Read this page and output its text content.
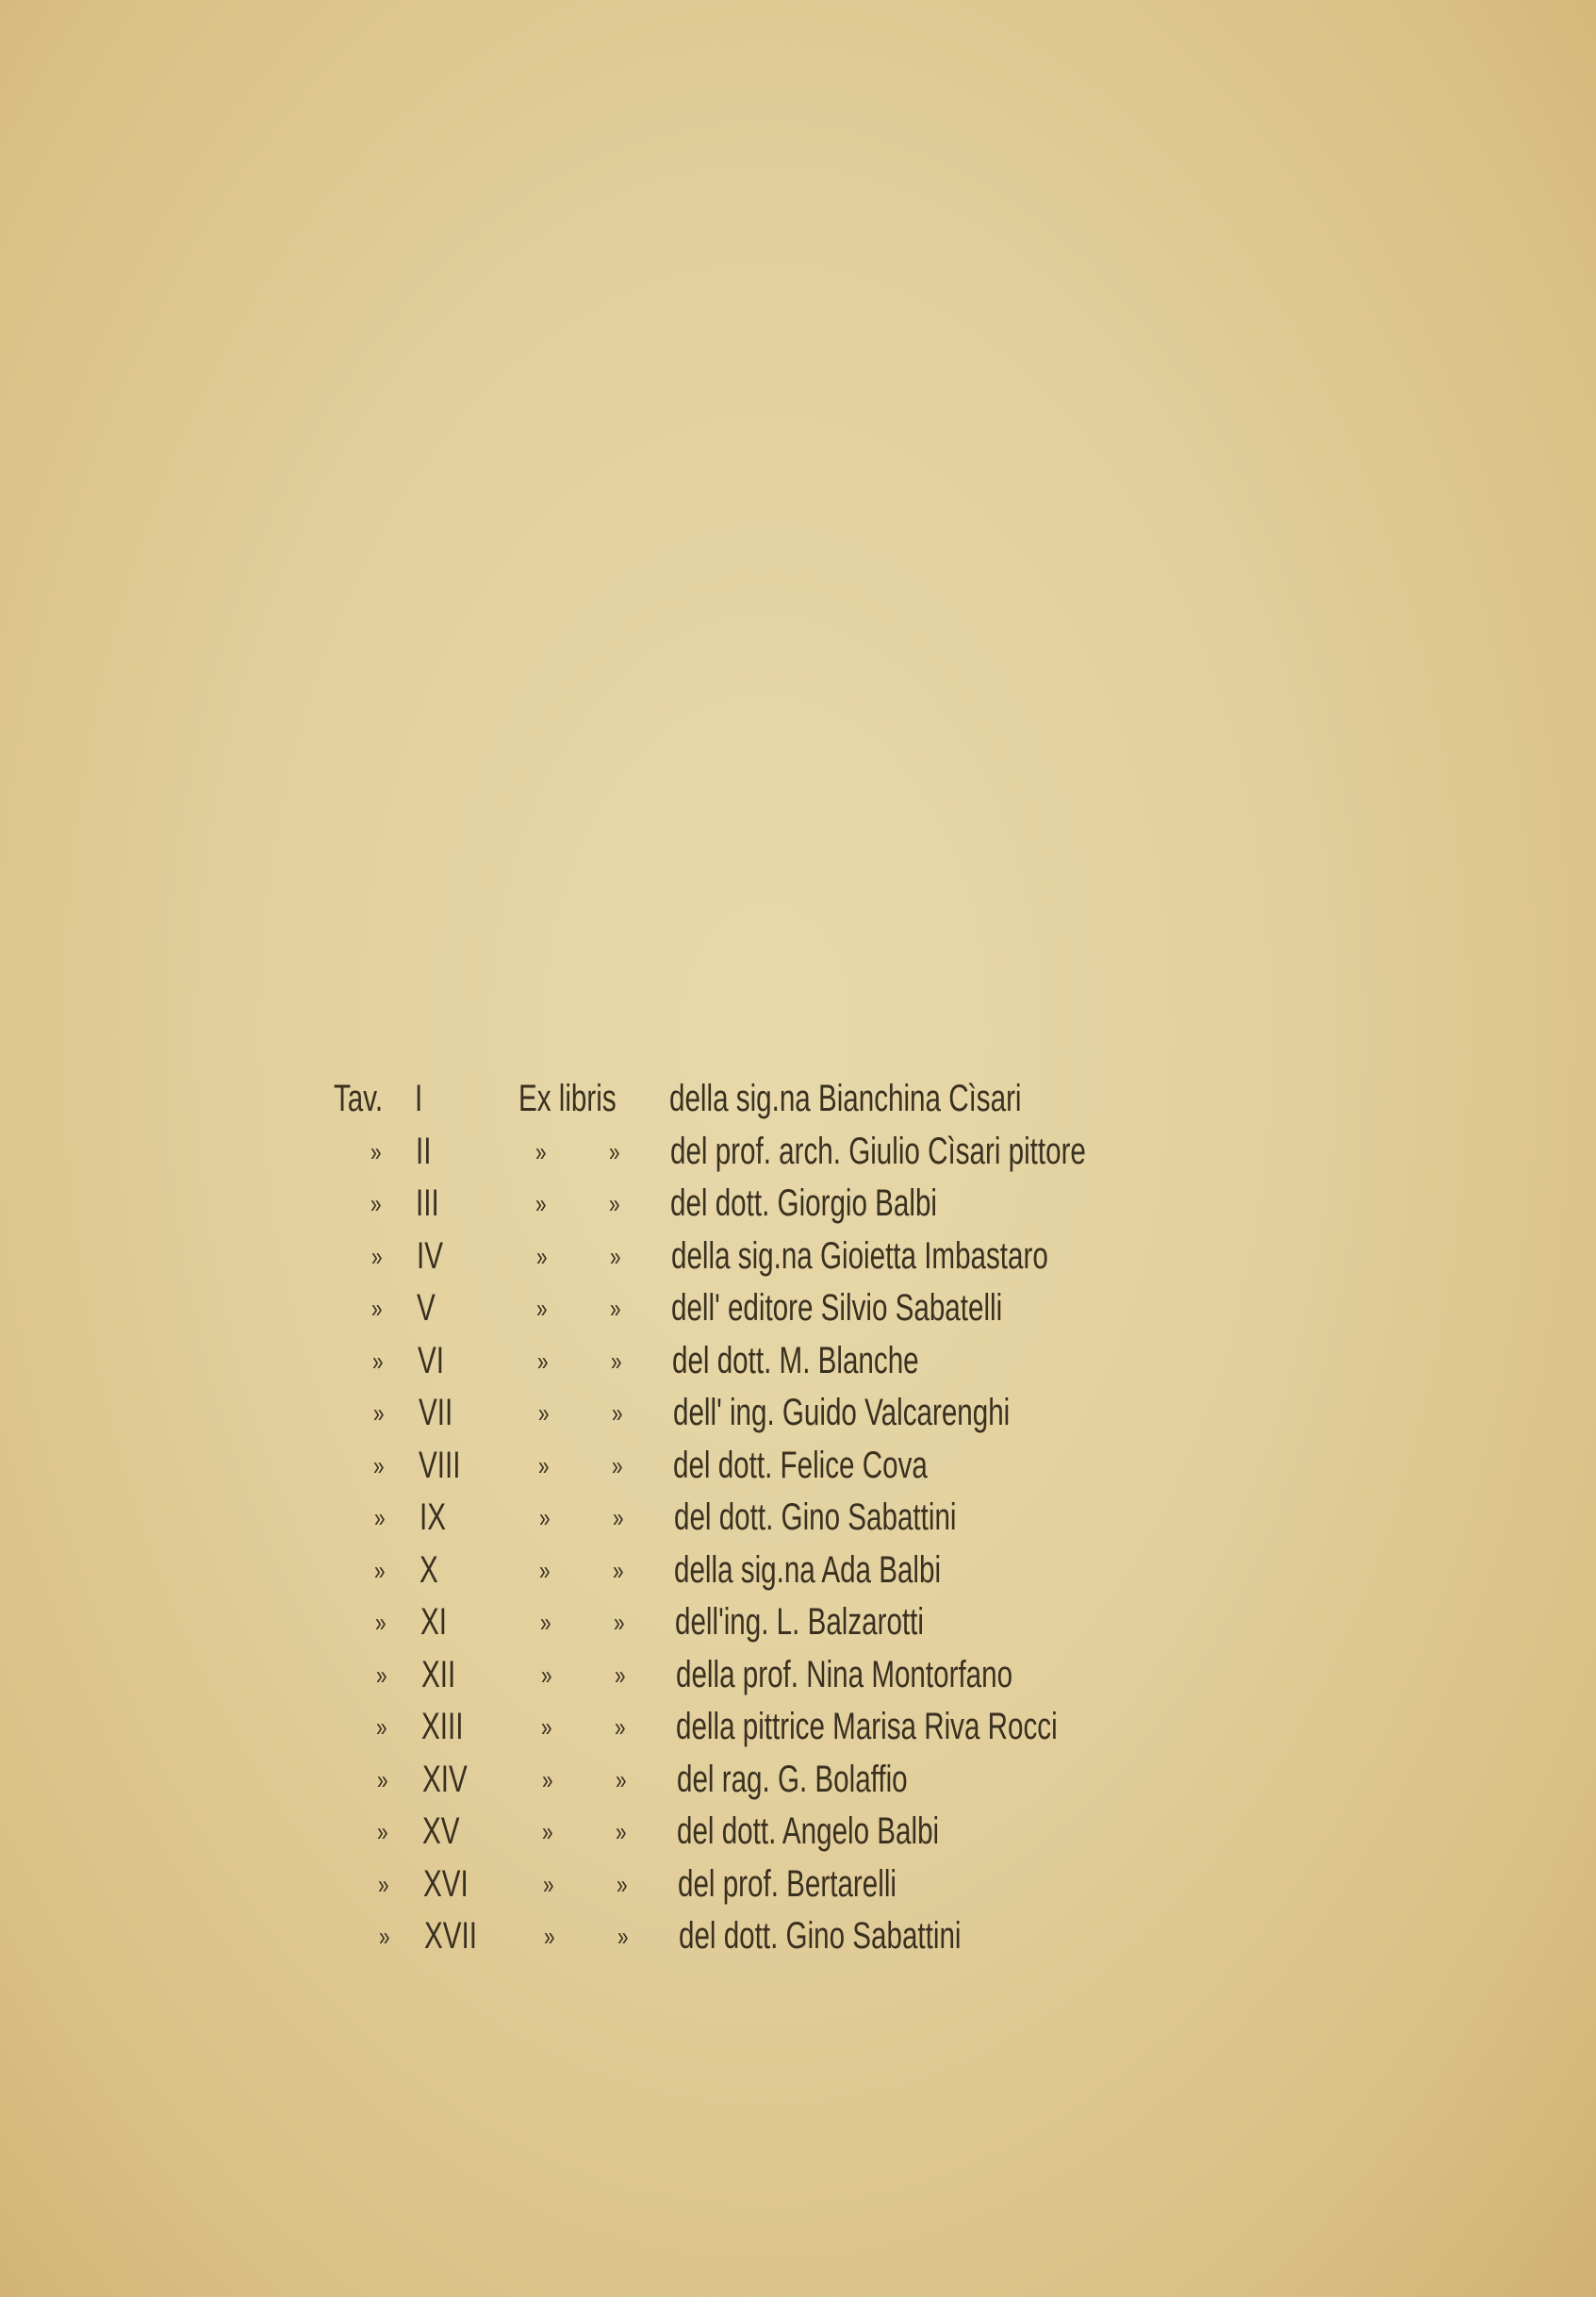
Tav. I	Ex libris della sig.na Bianchina Cìsari
» II	» » del prof. arch. Giulio Cìsari pittore
» III	» » del dott. Giorgio Balbi
» IV	» » della sig.na Gioietta Imbastaro
» V	» » dell' editore Silvio Sabatelli
» VI	» » del dott. M. Blanche
» VII	» » dell' ing. Guido Valcarenghi
» VIII	» » del dott. Felice Cova
» IX	» » del dott. Gino Sabattini
» X	» » della sig.na Ada Balbi
» XI	» » dell'ing. L. Balzarotti
» XII	» » della prof. Nina Montorfano
» XIII	» » della pittrice Marisa Riva Rocci
» XIV	» » del rag. G. Bolaffio
» XV	» » del dott. Angelo Balbi
» XVI	» » del prof. Bertarelli
» XVII	» » del dott. Gino Sabattini
